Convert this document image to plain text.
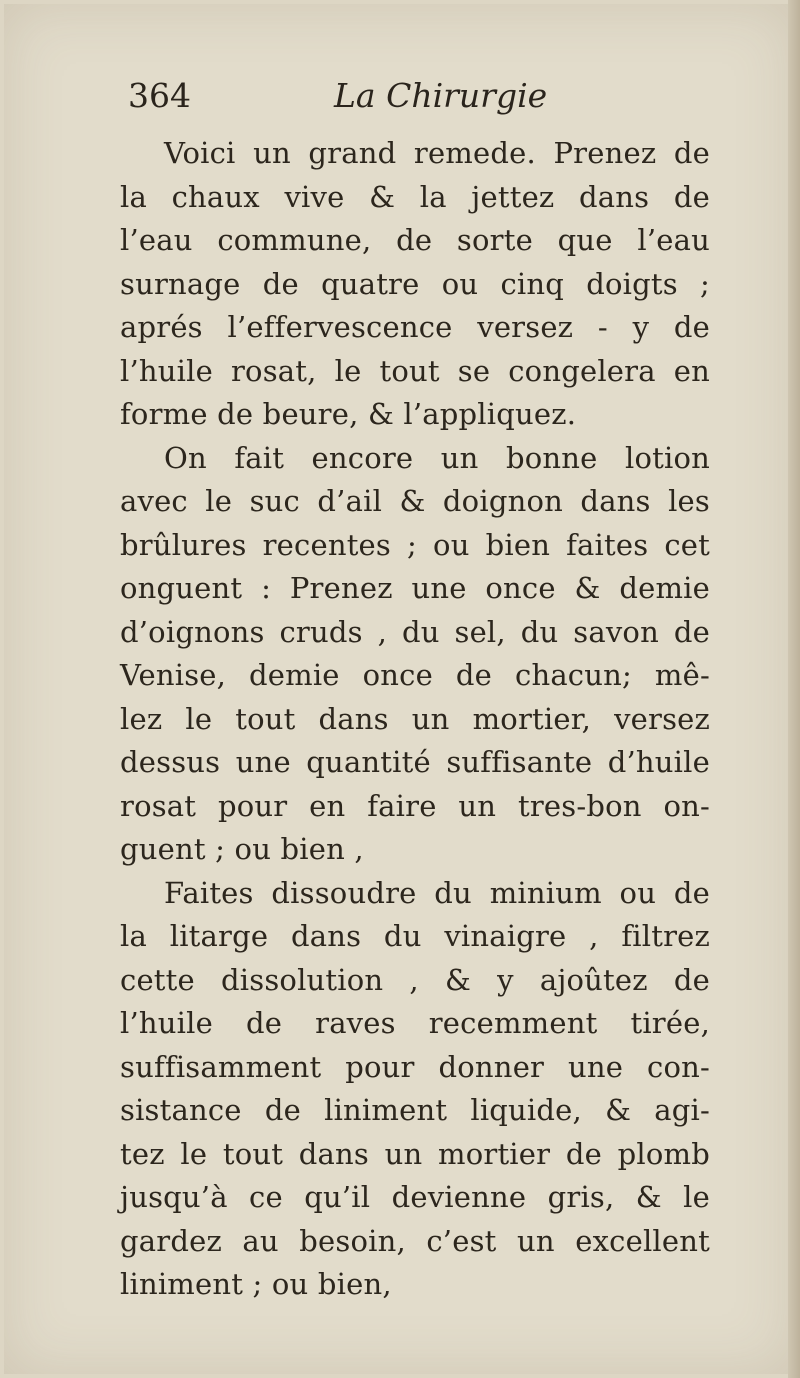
364	La Chirurgie
Voici un grand remede. Prenez de
la chaux vive & la jettez dans de
l’eau commune, de sorte que l’eau
surnage de quatre ou cinq doigts ;
aprés l’effervescence versez - y de
l’huile rosat, le tout se congelera en
forme de beure, & l’appliquez.
On fait encore un bonne lotion
avec le suc d’ail & doignon dans les
brûlures recentes ; ou bien faites cet
onguent : Prenez une once & demie
d’oignons cruds , du sel, du savon de
Venise, demie once de chacun; mê-
lez le tout dans un mortier, versez
dessus une quantité suffisante d’huile
rosat pour en faire un tres-bon on-
guent ; ou bien ,
Faites dissoudre du minium ou de
la litarge dans du vinaigre , filtrez
cette dissolution , & y ajoûtez de
l’huile de raves recemment tirée,
suffisamment pour donner une con-
sistance de liniment liquide, & agi-
tez le tout dans un mortier de plomb
jusqu’à ce qu’il devienne gris, & le
gardez au besoin, c’est un excellent
liniment ; ou bien,
